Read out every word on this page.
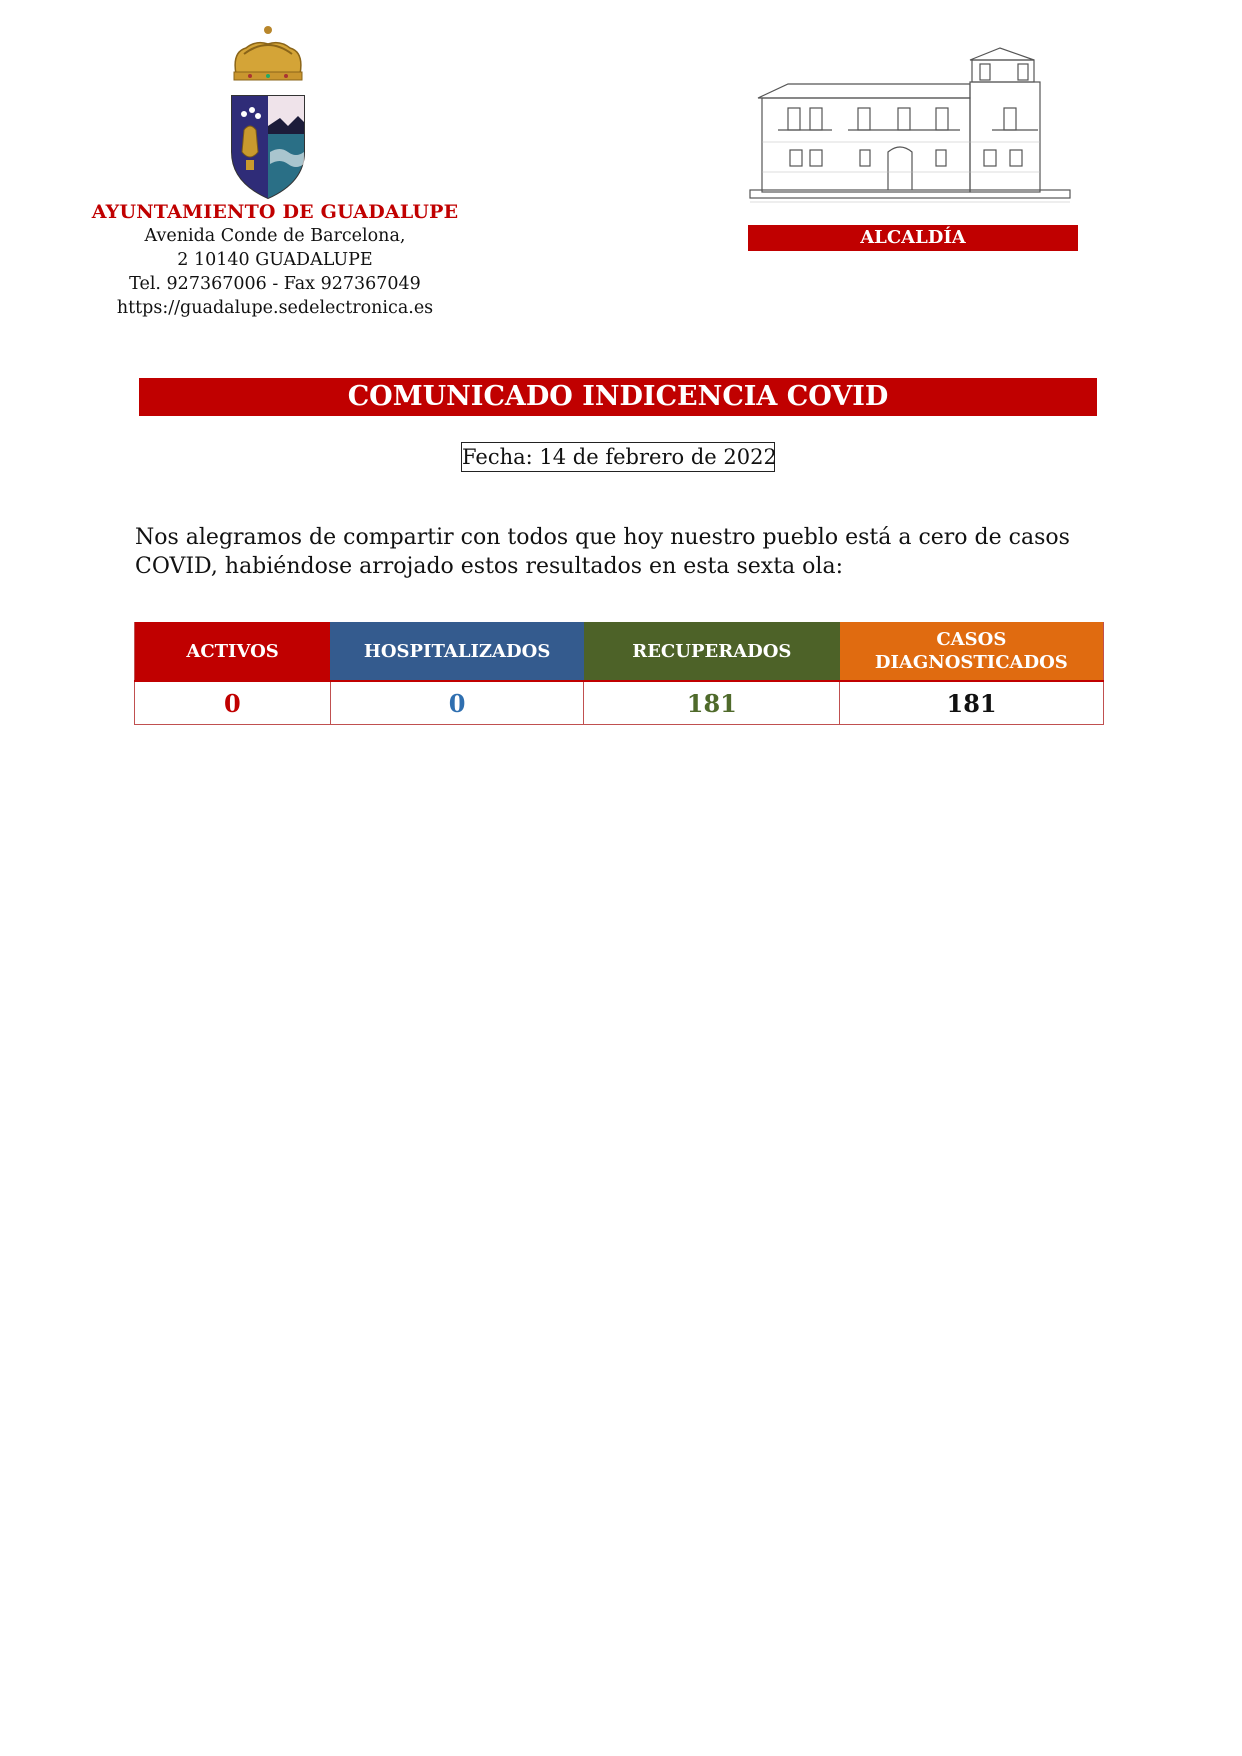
AYUNTAMIENTO DE GUADALUPE
Avenida Conde de Barcelona,
2 10140 GUADALUPE
Tel. 927367006 - Fax 927367049
https://guadalupe.sedelectronica.es
ALCALDÍA
COMUNICADO INDICENCIA COVID
Fecha: 14 de febrero de 2022
Nos alegramos de compartir con todos que hoy nuestro pueblo está a cero de casos COVID, habiéndose arrojado estos resultados en esta sexta ola:
ACTIVOS	HOSPITALIZADOS	RECUPERADOS	CASOS DIAGNOSTICADOS
0	0	181	181
